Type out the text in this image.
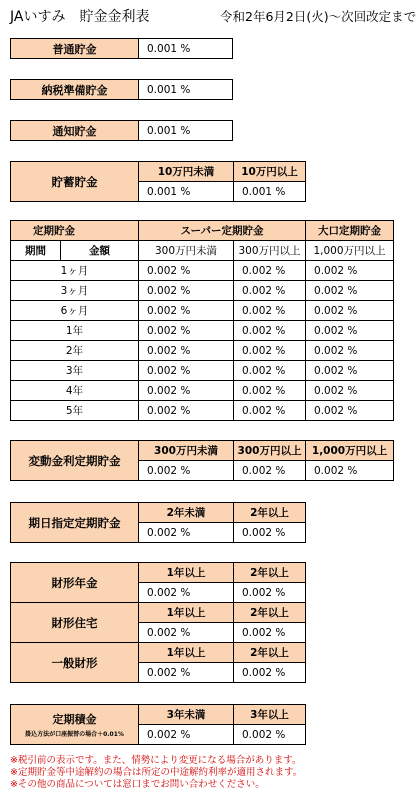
JAいすみ　貯金金利表	令和2年6月2日(火)～次回改定まで
普通貯金	0.001 %
納税準備貯金	0.001 %
通知貯金	0.001 %
貯蓄貯金	10万円未満	10万円以上
	0.001 %	0.001 %
定期貯金		スーパー定期貯金		大口定期貯金
期間	金額	300万円未満	300万円以上	1,000万円以上
1ヶ月		0.002 %	0.002 %	0.002 %
3ヶ月		0.002 %	0.002 %	0.002 %
6ヶ月		0.002 %	0.002 %	0.002 %
1年		0.002 %	0.002 %	0.002 %
2年		0.002 %	0.002 %	0.002 %
3年		0.002 %	0.002 %	0.002 %
4年		0.002 %	0.002 %	0.002 %
5年		0.002 %	0.002 %	0.002 %
変動金利定期貯金	300万円未満	300万円以上	1,000万円以上
	0.002 %	0.002 %	0.002 %
期日指定定期貯金	2年未満	2年以上
	0.002 %	0.002 %
財形年金	1年以上	2年以上
	0.002 %	0.002 %
財形住宅	1年以上	2年以上
	0.002 %	0.002 %
一般財形	1年以上	2年以上
	0.002 %	0.002 %
定期積金
掛込方法が口座振替の場合＋0.01%	3年未満	3年以上
	0.002 %	0.002 %
※税引前の表示です。また、情勢により変更になる場合があります。
※定期貯金等中途解約の場合は所定の中途解約利率が適用されます。
※その他の商品については窓口までお問い合わせください。
